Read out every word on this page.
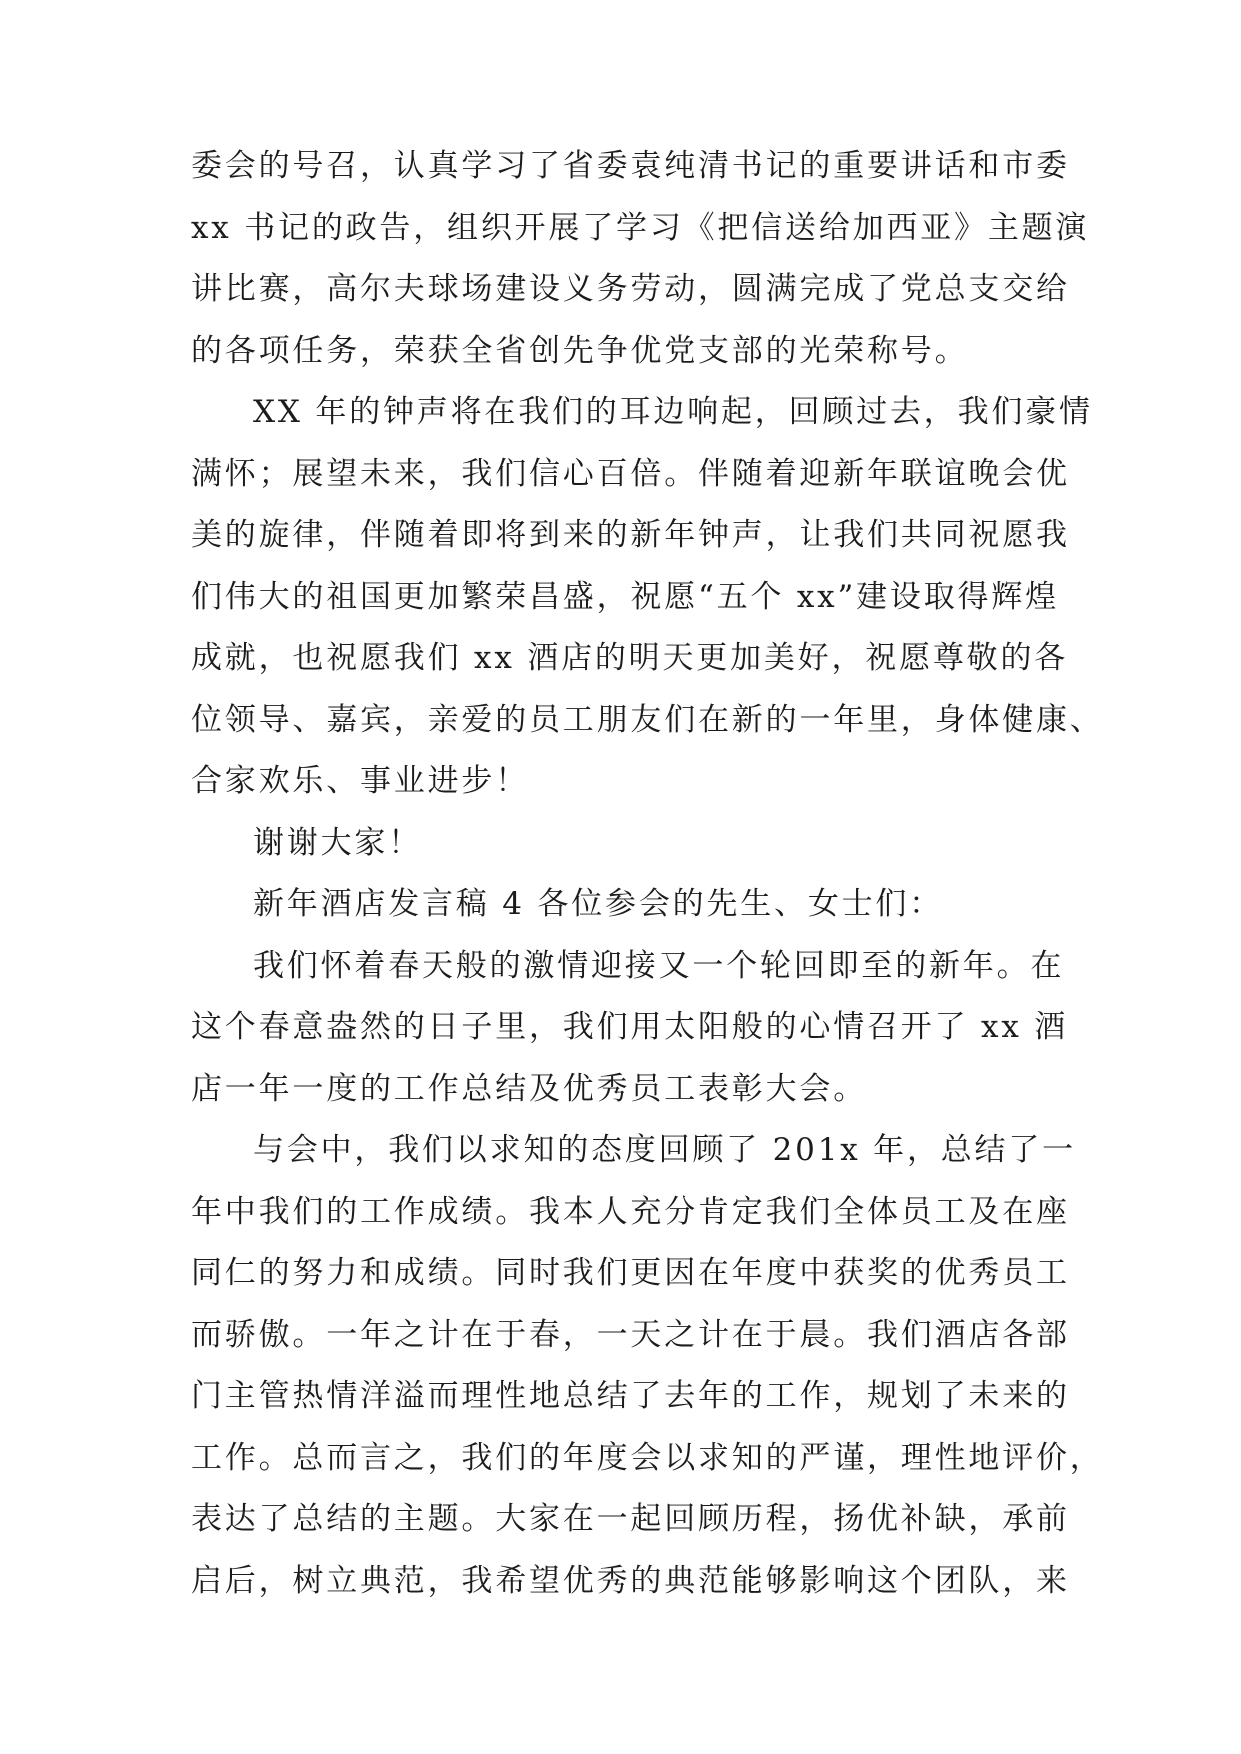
委会的号召，认真学习了省委袁纯清书记的重要讲话和市委
xx 书记的政告，组织开展了学习《把信送给加西亚》主题演
讲比赛，高尔夫球场建设义务劳动，圆满完成了党总支交给
的各项任务，荣获全省创先争优党支部的光荣称号。
XX 年的钟声将在我们的耳边响起，回顾过去，我们豪情
满怀；展望未来，我们信心百倍。伴随着迎新年联谊晚会优
美的旋律，伴随着即将到来的新年钟声，让我们共同祝愿我
们伟大的祖国更加繁荣昌盛，祝愿“五个 xx”建设取得辉煌
成就，也祝愿我们 xx 酒店的明天更加美好，祝愿尊敬的各
位领导、嘉宾，亲爱的员工朋友们在新的一年里，身体健康、
合家欢乐、事业进步！
谢谢大家！
新年酒店发言稿 4 各位参会的先生、女士们：
我们怀着春天般的激情迎接又一个轮回即至的新年。在
这个春意盎然的日子里，我们用太阳般的心情召开了 xx 酒
店一年一度的工作总结及优秀员工表彰大会。
与会中，我们以求知的态度回顾了 201x 年，总结了一
年中我们的工作成绩。我本人充分肯定我们全体员工及在座
同仁的努力和成绩。同时我们更因在年度中获奖的优秀员工
而骄傲。一年之计在于春，一天之计在于晨。我们酒店各部
门主管热情洋溢而理性地总结了去年的工作，规划了未来的
工作。总而言之，我们的年度会以求知的严谨，理性地评价，
表达了总结的主题。大家在一起回顾历程，扬优补缺，承前
启后，树立典范，我希望优秀的典范能够影响这个团队，来
